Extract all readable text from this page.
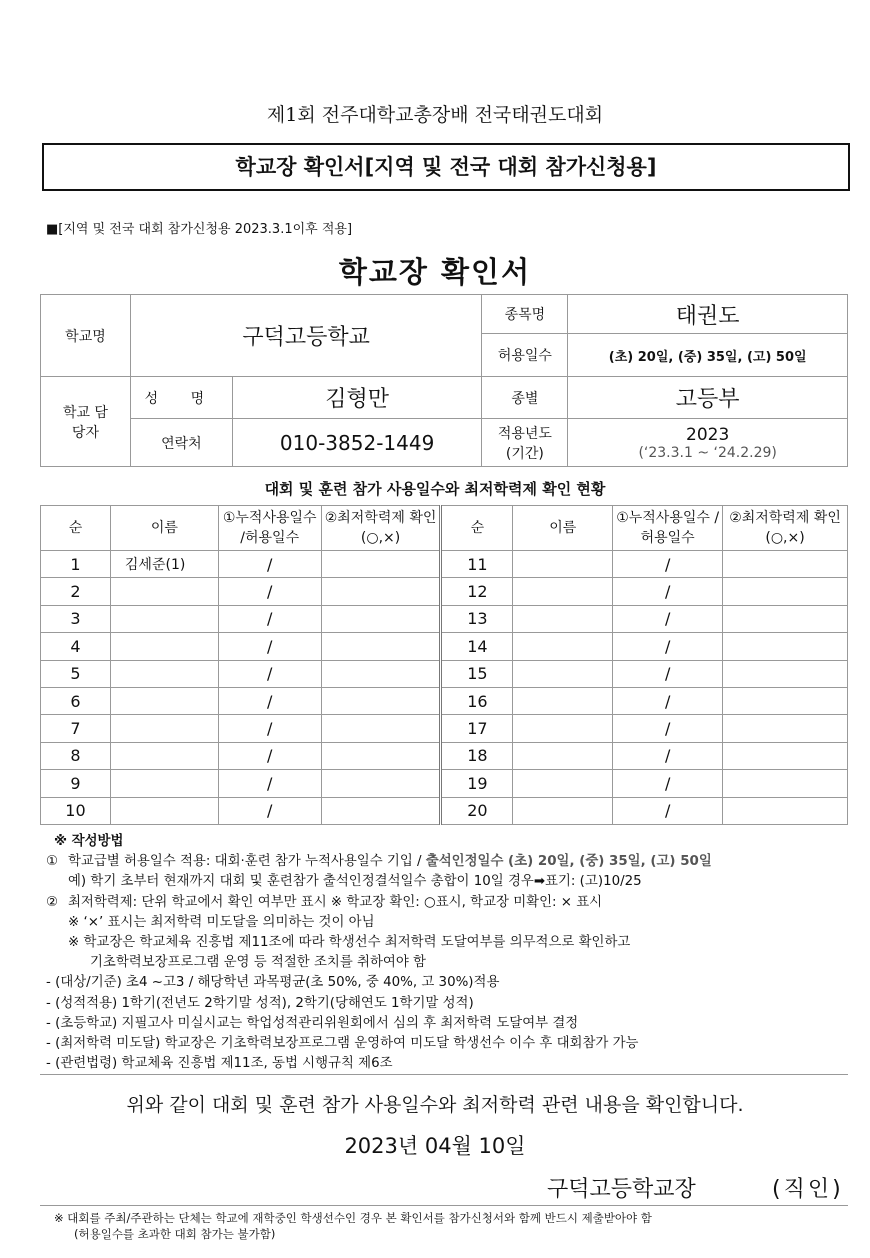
제1회 전주대학교총장배 전국태권도대회
학교장 확인서[지역 및 전국 대회 참가신청용]
■[지역 및 전국 대회 참가신청용 2023.3.1이후 적용]
학교장 확인서
학교명	구덕고등학교		종목명	태권도
			허용일수	(초) 20일, (중) 35일, (고) 50일
학교 담당자	성 명	김형만	종별	고등부
	연락처	010-3852-1449	적용년도 (기간)	2023
(‘23.3.1 ~ ‘24.2.29)
대회 및 훈련 참가 사용일수와 최저학력제 확인 현황
순	이름	①누적사용일수 /허용일수	②최저학력제 확인(○,×)	순	이름	①누적사용일수 /허용일수	②최저학력제 확인(○,×)
1	김세준(1)	/		11		/	
2		/		12		/	
3		/		13		/	
4		/		14		/	
5		/		15		/	
6		/		16		/	
7		/		17		/	
8		/		18		/	
9		/		19		/	
10		/		20		/	
※ 작성방법
① 학교급별 허용일수 적용: 대회·훈련 참가 누적사용일수 기입 / 출석인정일수 (초) 20일, (중) 35일, (고) 50일
예) 학기 초부터 현재까지 대회 및 훈련참가 출석인정결석일수 총합이 10일 경우➡표기: (고)10/25
② 최저학력제: 단위 학교에서 확인 여부만 표시 ※ 학교장 확인: ○표시, 학교장 미확인: × 표시
※ ‘×’ 표시는 최저학력 미도달을 의미하는 것이 아님
※ 학교장은 학교체육 진흥법 제11조에 따라 학생선수 최저학력 도달여부를 의무적으로 확인하고
기초학력보장프로그램 운영 등 적절한 조치를 취하여야 함
- (대상/기준) 초4 ~고3 / 해당학년 과목평균(초 50%, 중 40%, 고 30%)적용
- (성적적용) 1학기(전년도 2학기말 성적), 2학기(당해연도 1학기말 성적)
- (초등학교) 지필고사 미실시교는 학업성적관리위원회에서 심의 후 최저학력 도달여부 결정
- (최저학력 미도달) 학교장은 기초학력보장프로그램 운영하여 미도달 학생선수 이수 후 대회참가 가능
- (관련법령) 학교체육 진흥법 제11조, 동법 시행규칙 제6조
위와 같이 대회 및 훈련 참가 사용일수와 최저학력 관련 내용을 확인합니다.
2023년 04월 10일
구덕고등학교장	(직인)
※ 대회를 주최/주관하는 단체는 학교에 재학중인 학생선수인 경우 본 확인서를 참가신청서와 함께 반드시 제출받아야 함
(허용일수를 초과한 대회 참가는 불가함)
